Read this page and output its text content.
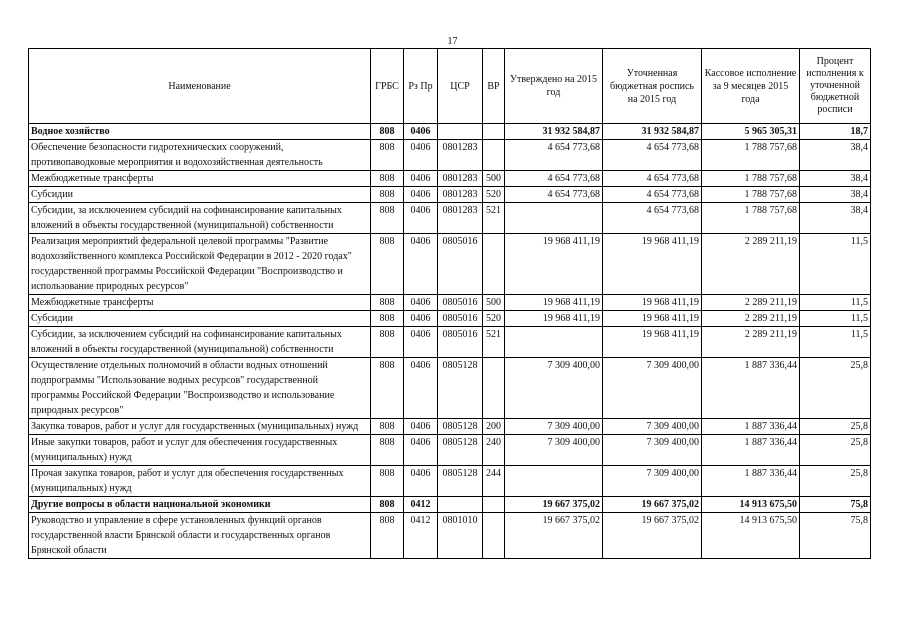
17
Наименование	ГРБС	Рз Пр	ЦСР	ВР	Утверждено на 2015 год	Уточненная бюджетная роспись на 2015 год	Кассовое исполнение за 9 месяцев 2015 года	Процент исполнения к уточненной бюджетной росписи
Водное хозяйство	808	0406			31 932 584,87	31 932 584,87	5 965 305,31	18,7
Обеспечение безопасности гидротехнических сооружений, противопаводковые мероприятия и водохозяйственная деятельность	808	0406	0801283		4 654 773,68	4 654 773,68	1 788 757,68	38,4
Межбюджетные трансферты	808	0406	0801283	500	4 654 773,68	4 654 773,68	1 788 757,68	38,4
Субсидии	808	0406	0801283	520	4 654 773,68	4 654 773,68	1 788 757,68	38,4
Субсидии, за исключением субсидий на софинансирование капитальных вложений в объекты государственной (муниципальной) собственности	808	0406	0801283	521		4 654 773,68	1 788 757,68	38,4
Реализация мероприятий федеральной целевой программы "Развитие водохозяйственного комплекса Российской Федерации в 2012 - 2020 годах" государственной программы Российской Федерации "Воспроизводство и использование природных ресурсов"	808	0406	0805016		19 968 411,19	19 968 411,19	2 289 211,19	11,5
Межбюджетные трансферты	808	0406	0805016	500	19 968 411,19	19 968 411,19	2 289 211,19	11,5
Субсидии	808	0406	0805016	520	19 968 411,19	19 968 411,19	2 289 211,19	11,5
Субсидии, за исключением субсидий на софинансирование капитальных вложений в объекты государственной (муниципальной) собственности	808	0406	0805016	521		19 968 411,19	2 289 211,19	11,5
Осуществление отдельных полномочий в области водных отношений подпрограммы "Использование водных ресурсов" государственной программы Российской Федерации "Воспроизводство и использование природных ресурсов"	808	0406	0805128		7 309 400,00	7 309 400,00	1 887 336,44	25,8
Закупка товаров, работ и услуг для государственных (муниципальных) нужд	808	0406	0805128	200	7 309 400,00	7 309 400,00	1 887 336,44	25,8
Иные закупки товаров, работ и услуг для обеспечения государственных (муниципальных) нужд	808	0406	0805128	240	7 309 400,00	7 309 400,00	1 887 336,44	25,8
Прочая закупка товаров, работ и услуг для обеспечения государственных (муниципальных) нужд	808	0406	0805128	244		7 309 400,00	1 887 336,44	25,8
Другие вопросы в области национальной экономики	808	0412			19 667 375,02	19 667 375,02	14 913 675,50	75,8
Руководство и управление в сфере установленных функций органов государственной власти Брянской области и государственных органов Брянской области	808	0412	0801010		19 667 375,02	19 667 375,02	14 913 675,50	75,8
